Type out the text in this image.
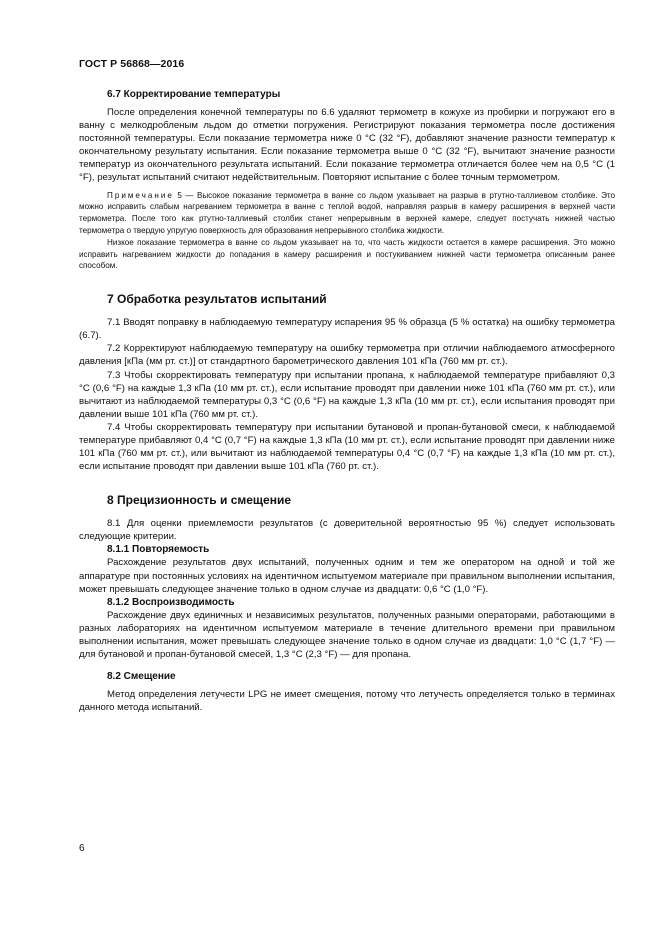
ГОСТ Р 56868—2016

6.7 Корректирование температуры

После определения конечной температуры по 6.6 удаляют термометр в кожухе из пробирки и погружают его в ванну с мелкодробленым льдом до отметки погружения. Регистрируют показания термометра после достижения постоянной температуры. Если показание термометра ниже 0 °C (32 °F), добавляют значение разности температур к окончательному результату испытания. Если показание термометра выше 0 °C (32 °F), вычитают значение разности температур из окончательного результата испытаний. Если показание термометра отличается более чем на 0,5 °C (1 °F), результат испытаний считают недействительным. Повторяют испытание с более точным термометром.

Примечание 5 — Высокое показание термометра в ванне со льдом указывает на разрыв в ртутно-таллиевом столбике. Это можно исправить слабым нагреванием термометра в ванне с теплой водой, направляя разрыв в камеру расширения в верхней части термометра. После того как ртутно-таллиевый столбик станет непрерывным в верхней камере, следует постучать нижней частью термометра о твердую упругую поверхность для образования непрерывного столбика жидкости.

Низкое показание термометра в ванне со льдом указывает на то, что часть жидкости остается в камере расширения. Это можно исправить нагреванием жидкости до попадания в камеру расширения и постукиванием нижней части термометра описанным ранее способом.

7 Обработка результатов испытаний

7.1 Вводят поправку в наблюдаемую температуру испарения 95 % образца (5 % остатка) на ошибку термометра (6.7).

7.2 Корректируют наблюдаемую температуру на ошибку термометра при отличии наблюдаемого атмосферного давления [кПа (мм рт. ст.)] от стандартного барометрического давления 101 кПа (760 мм рт. ст.).

7.3 Чтобы скорректировать температуру при испытании пропана, к наблюдаемой температуре прибавляют 0,3 °C (0,6 °F) на каждые 1,3 кПа (10 мм рт. ст.), если испытание проводят при давлении ниже 101 кПа (760 мм рт. ст.), или вычитают из наблюдаемой температуры 0,3 °C (0,6 °F) на каждые 1,3 кПа (10 мм рт. ст.), если испытания проводят при давлении выше 101 кПа (760 мм рт. ст.).

7.4 Чтобы скорректировать температуру при испытании бутановой и пропан-бутановой смеси, к наблюдаемой температуре прибавляют 0,4 °C (0,7 °F) на каждые 1,3 кПа (10 мм рт. ст.), если испытание проводят при давлении ниже 101 кПа (760 мм рт. ст.), или вычитают из наблюдаемой температуры 0,4 °C (0,7 °F) на каждые 1,3 кПа (10 мм рт. ст.), если испытание проводят при давлении выше 101 кПа (760 рт. ст.).

8 Прецизионность и смещение

8.1 Для оценки приемлемости результатов (с доверительной вероятностью 95 %) следует использовать следующие критерии.

8.1.1 Повторяемость

Расхождение результатов двух испытаний, полученных одним и тем же оператором на одной и той же аппаратуре при постоянных условиях на идентичном испытуемом материале при правильном выполнении испытания, может превышать следующее значение только в одном случае из двадцати: 0,6 °C (1,0 °F).

8.1.2 Воспроизводимость

Расхождение двух единичных и независимых результатов, полученных разными операторами, работающими в разных лабораториях на идентичном испытуемом материале в течение длительного времени при правильном выполнении испытания, может превышать следующее значение только в одном случае из двадцати: 1,0 °C (1,7 °F) — для бутановой и пропан-бутановой смесей, 1,3 °C (2,3 °F) — для пропана.

8.2 Смещение

Метод определения летучести LPG не имеет смещения, потому что летучесть определяется только в терминах данного метода испытаний.

6
